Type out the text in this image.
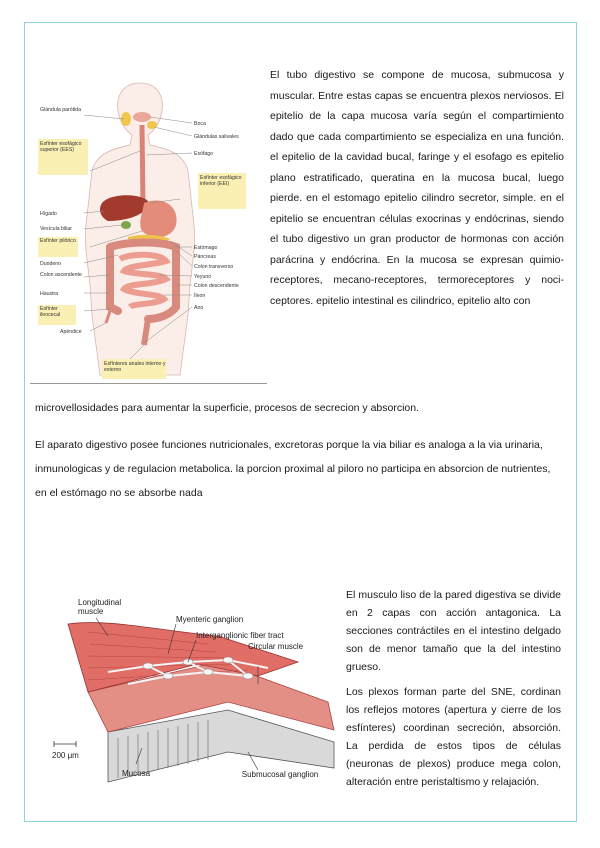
Glándula parótida
Boca
Glándulas salivales
Esófago
Esfínter esofágico superior (EES)
Esfínter esofágico inferior (EEI)
Hígado
Vesícula biliar
Esfínter pilórico
Estómago
Páncreas
Duodeno	Colon transverso
Colon ascendente	Yeyuno
Colon descendente
Haustra	Íleon
Esfínter ileocecal
Ano
Apéndice
Esfínteres anales interno y externo

El tubo digestivo se compone de mucosa, submucosa y muscular. Entre estas capas se encuentra plexos nerviosos. El epitelio de la capa mucosa varía según el compartimiento dado que cada compartimiento se especializa en una función. el epitelio de la cavidad bucal, faringe y el esofago es epitelio plano estratificado, queratina en la mucosa bucal, luego pierde. en el estomago epitelio cilindro secretor, simple. en el epitelio se encuentran células exocrinas y endócrinas, siendo el tubo digestivo un gran productor de hormonas con acción parácrina y endócrina. En la mucosa se expresan quimio-receptores, mecano-receptores, termoreceptores y noci-ceptores. epitelio intestinal es cilindrico, epitelio alto con

microvellosidades para aumentar la superficie, procesos de secrecion y absorcion.

El aparato digestivo posee funciones nutricionales, excretoras porque la via biliar es analoga a la via urinaria, inmunologicas y de regulacion metabolica. la porcion proximal al piloro no participa en absorcion de nutrientes, en el estómago no se absorbe nada

Longitudinal muscle
Myenteric ganglion
Interganglionic fiber tract
Circular muscle
200 μm
Mucosa	Submucosal ganglion

El musculo liso de la pared digestiva se divide en 2 capas con acción antagonica. La secciones contráctiles en el intestino delgado son de menor tamaño que la del intestino grueso.

Los plexos forman parte del SNE, cordinan los reflejos motores (apertura y cierre de los esfínteres) coordinan secreción, absorción. La perdida de estos tipos de células (neuronas de plexos) produce mega colon, alteración entre peristaltismo y relajación.
